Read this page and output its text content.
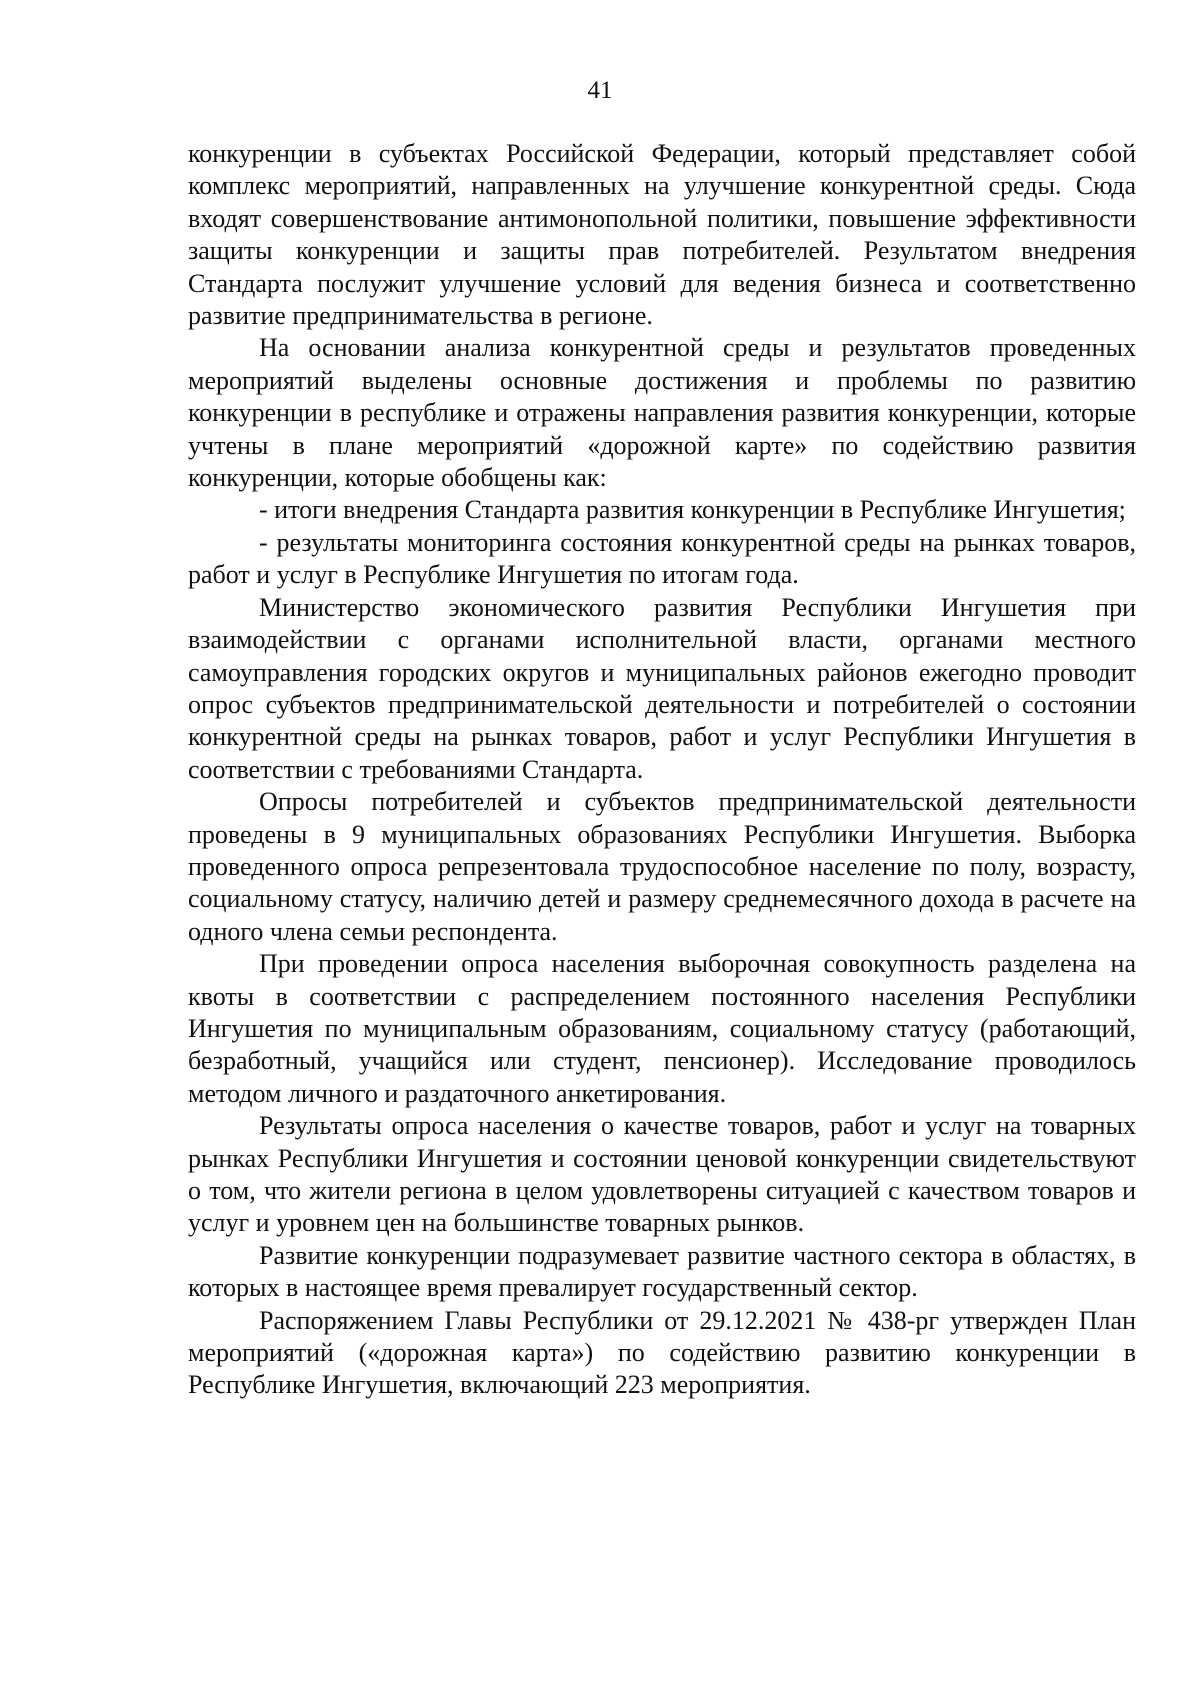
41

конкуренции в субъектах Российской Федерации, который представляет собой комплекс мероприятий, направленных на улучшение конкурентной среды. Сюда входят совершенствование антимонопольной политики, повышение эффективности защиты конкуренции и защиты прав потребителей. Результатом внедрения Стандарта послужит улучшение условий для ведения бизнеса и соответственно развитие предпринимательства в регионе.

На основании анализа конкурентной среды и результатов проведенных мероприятий выделены основные достижения и проблемы по развитию конкуренции в республике и отражены направления развития конкуренции, которые учтены в плане мероприятий «дорожной карте» по содействию развития конкуренции, которые обобщены как:

- итоги внедрения Стандарта развития конкуренции в Республике Ингушетия;

- результаты мониторинга состояния конкурентной среды на рынках товаров, работ и услуг в Республике Ингушетия по итогам года.

Министерство экономического развития Республики Ингушетия при взаимодействии с органами исполнительной власти, органами местного самоуправления городских округов и муниципальных районов ежегодно проводит опрос субъектов предпринимательской деятельности и потребителей о состоянии конкурентной среды на рынках товаров, работ и услуг Республики Ингушетия в соответствии с требованиями Стандарта.

Опросы потребителей и субъектов предпринимательской деятельности проведены в 9 муниципальных образованиях Республики Ингушетия. Выборка проведенного опроса репрезентовала трудоспособное население по полу, возрасту, социальному статусу, наличию детей и размеру среднемесячного дохода в расчете на одного члена семьи респондента.

При проведении опроса населения выборочная совокупность разделена на квоты в соответствии с распределением постоянного населения Республики Ингушетия по муниципальным образованиям, социальному статусу (работающий, безработный, учащийся или студент, пенсионер). Исследование проводилось методом личного и раздаточного анкетирования.

Результаты опроса населения о качестве товаров, работ и услуг на товарных рынках Республики Ингушетия и состоянии ценовой конкуренции свидетельствуют о том, что жители региона в целом удовлетворены ситуацией с качеством товаров и услуг и уровнем цен на большинстве товарных рынков.

Развитие конкуренции подразумевает развитие частного сектора в областях, в которых в настоящее время превалирует государственный сектор.

Распоряжением Главы Республики от 29.12.2021 № 438-рг утвержден План мероприятий («дорожная карта») по содействию развитию конкуренции в Республике Ингушетия, включающий 223 мероприятия.
